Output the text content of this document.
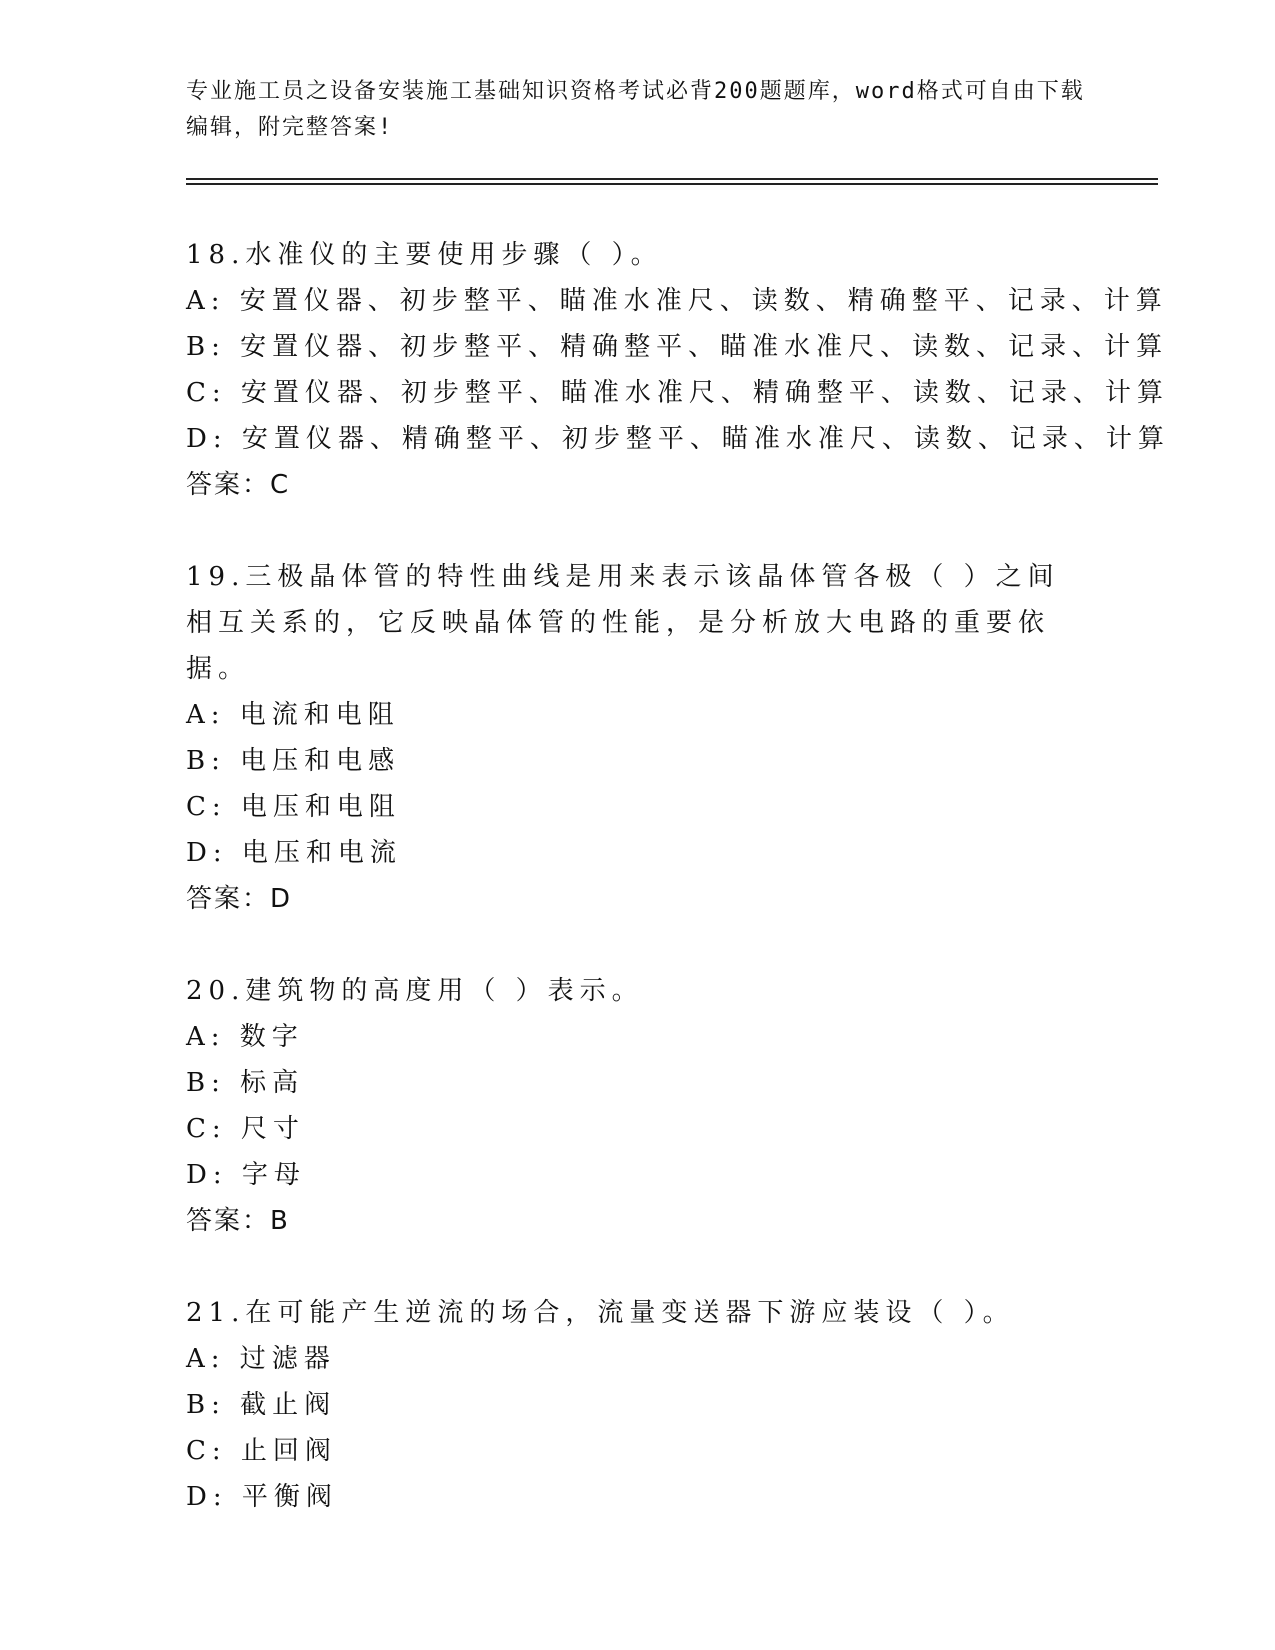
专业施工员之设备安装施工基础知识资格考试必背200题题库，word格式可自由下载编辑，附完整答案!

18.水准仪的主要使用步骤（ ）。

A: 安置仪器、初步整平、瞄准水准尺、读数、精确整平、记录、计算

B: 安置仪器、初步整平、精确整平、瞄准水准尺、读数、记录、计算

C: 安置仪器、初步整平、瞄准水准尺、精确整平、读数、记录、计算

D: 安置仪器、精确整平、初步整平、瞄准水准尺、读数、记录、计算

答案：C

19.三极晶体管的特性曲线是用来表示该晶体管各极（ ）之间相互关系的，它反映晶体管的性能，是分析放大电路的重要依据。

A: 电流和电阻

B: 电压和电感

C: 电压和电阻

D: 电压和电流

答案：D

20.建筑物的高度用（ ）表示。

A: 数字

B: 标高

C: 尺寸

D: 字母

答案：B

21.在可能产生逆流的场合，流量变送器下游应装设（ ）。

A: 过滤器

B: 截止阀

C: 止回阀

D: 平衡阀
